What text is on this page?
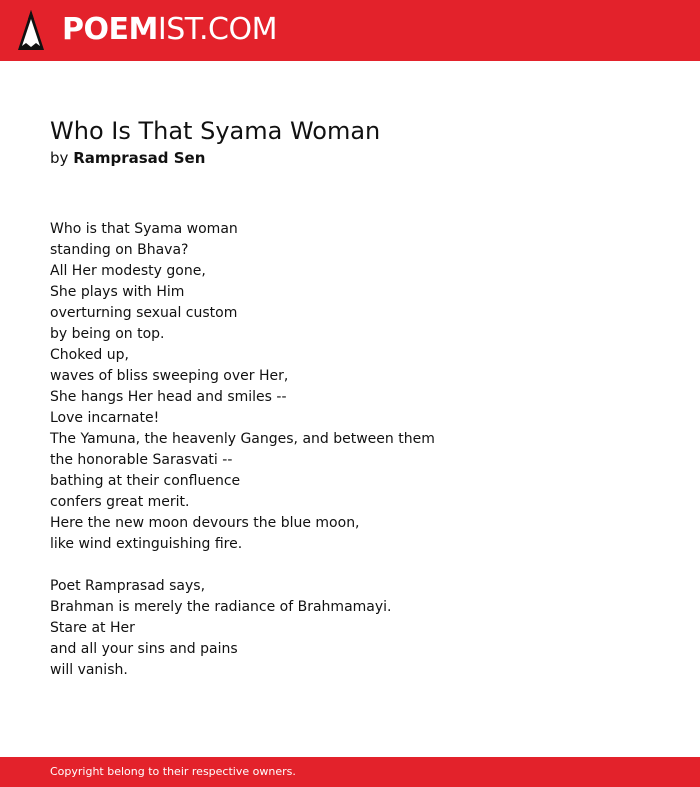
POEMIST.COM
Who Is That Syama Woman
by Ramprasad Sen
Who is that Syama woman
standing on Bhava?
All Her modesty gone,
She plays with Him
overturning sexual custom
by being on top.
Choked up,
waves of bliss sweeping over Her,
She hangs Her head and smiles --
Love incarnate!
The Yamuna, the heavenly Ganges, and between them
the honorable Sarasvati --
bathing at their confluence
confers great merit.
Here the new moon devours the blue moon,
like wind extinguishing fire.
Poet Ramprasad says,
Brahman is merely the radiance of Brahmamayi.
Stare at Her
and all your sins and pains
will vanish.
Copyright belong to their respective owners.
